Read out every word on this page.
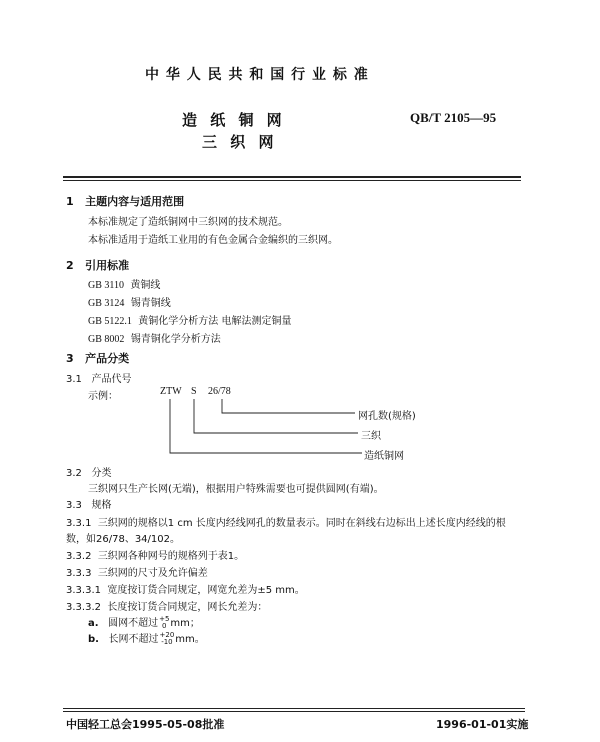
中 华 人 民 共 和 国 行 业 标 准
造 纸 铜 网
三 织 网
QB/T 2105—95
1 主题内容与适用范围
本标准规定了造纸铜网中三织网的技术规范。
本标准适用于造纸工业用的有色金属合金编织的三织网。
2 引用标准
GB 3110 黄铜线
GB 3124 锡青铜线
GB 5122.1 黄铜化学分析方法 电解法测定铜量
GB 8002 锡青铜化学分析方法
3 产品分类
3.1 产品代号
示例：	ZTW S 26/78
网孔数(规格)
三织
造纸铜网
3.2 分类
三织网只生产长网(无端)，根据用户特殊需要也可提供圆网(有端)。
3.3 规格
3.3.1 三织网的规格以1 cm 长度内经线网孔的数量表示。同时在斜线右边标出上述长度内经线的根
数，如26/78、34/102。
3.3.2 三织网各种网号的规格列于表1。
3.3.3 三织网的尺寸及允许偏差
3.3.3.1 宽度按订货合同规定，网宽允差为±5 mm。
3.3.3.2 长度按订货合同规定，网长允差为：
a. 圆网不超过 +5
0 mm；
b. 长网不超过 +20
-10 mm。
中国轻工总会1995-05-08批准	1996-01-01实施
